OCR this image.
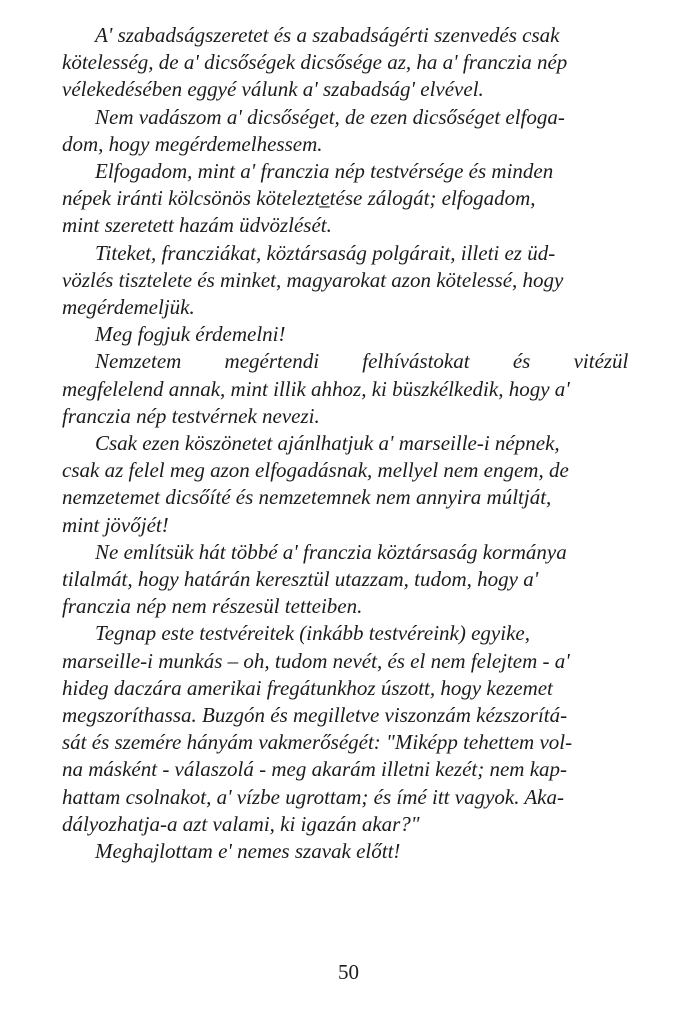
A' szabadságszeretet és a szabadságérti szenvedés csak
kötelesség, de a' dicsőségek dicsősége az, ha a' franczia nép
vélekedésében eggyé válunk a' szabadság' elvével.

Nem vadászom a' dicsőséget, de ezen dicsőséget elfoga-
dom, hogy megérdemelhessem.

Elfogadom, mint a' franczia nép testvérsége és minden
népek iránti kölcsönös kötelezte̲tése zálogát; elfogadom,
mint szeretett hazám üdvözlését.

Titeket, francziákat, köztársaság polgárait, illeti ez üd-
vözlés tisztelete és minket, magyarokat azon kötelessé, hogy
megérdemeljük.

Meg fogjuk érdemelni!

Nemzetem megértendi felhívástokat és vitézül
megfelelend annak, mint illik ahhoz, ki büszkélkedik, hogy a'
franczia nép testvérnek nevezi.

Csak ezen köszönetet ajánlhatjuk a' marseille-i népnek,
csak az felel meg azon elfogadásnak, mellyel nem engem, de
nemzetemet dicsőíté és nemzetemnek nem annyira múltját,
mint jövőjét!

Ne említsük hát többé a' franczia köztársaság kormánya
tilalmát, hogy határán keresztül utazzam, tudom, hogy a'
franczia nép nem részesül tetteiben.

Tegnap este testvéreitek (inkább testvéreink) egyike,
marseille-i munkás – oh, tudom nevét, és el nem felejtem - a'
hideg daczára amerikai fregátunkhoz úszott, hogy kezemet
megszoríthassa. Buzgón és megilletve viszonzám kézszorítá-
sát és szemére hányám vakmerőségét: "Miképp tehettem vol-
na másként - válaszolá - meg akarám illetni kezét; nem kap-
hattam csolnakot, a' vízbe ugrottam; és ímé itt vagyok. Aka-
dályozhatja-a azt valami, ki igazán akar?"

Meghajlottam e' nemes szavak előtt!

50
